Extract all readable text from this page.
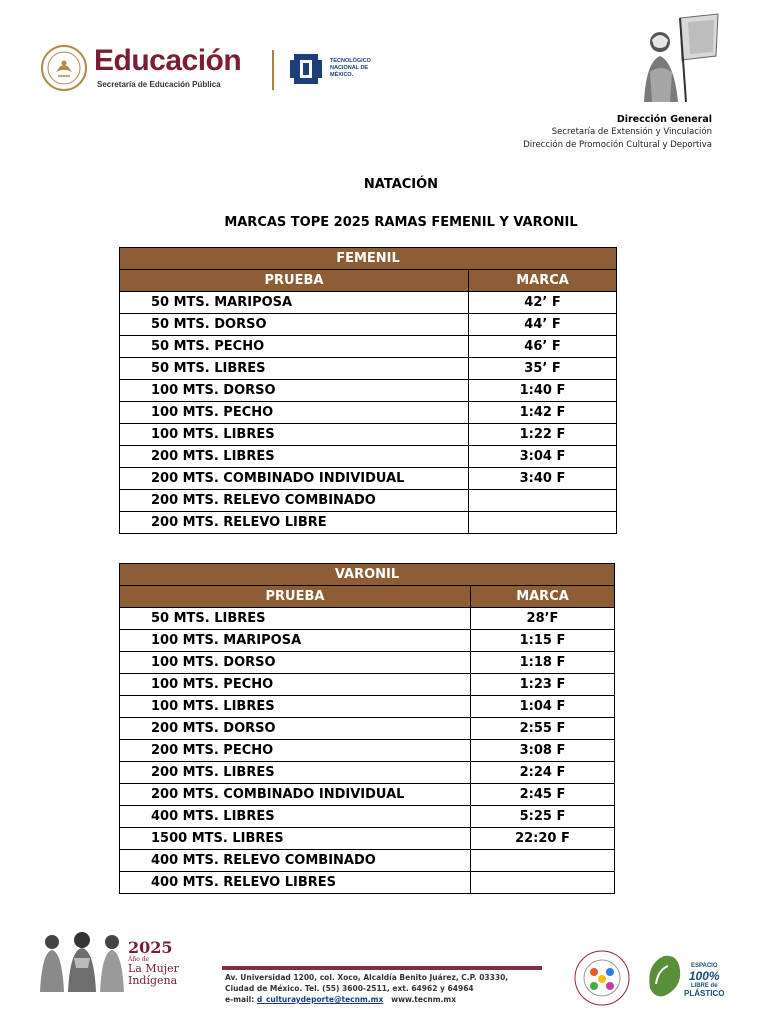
Educación
Secretaría de Educación Pública
TECNOLÓGICO
NACIONAL DE MÉXICO.
Dirección General
Secretaría de Extensión y Vinculación
Dirección de Promoción Cultural y Deportiva
NATACIÓN
MARCAS TOPE 2025 RAMAS FEMENIL Y VARONIL
FEMENIL	
PRUEBA	MARCA
50 MTS. MARIPOSA	42’ F
50 MTS. DORSO	44’ F
50 MTS. PECHO	46’ F
50 MTS. LIBRES	35’ F
100 MTS. DORSO	1:40 F
100 MTS. PECHO	1:42 F
100 MTS. LIBRES	1:22 F
200 MTS. LIBRES	3:04 F
200 MTS. COMBINADO INDIVIDUAL	3:40 F
200 MTS. RELEVO COMBINADO	
200 MTS. RELEVO LIBRE	
VARONIL	
PRUEBA	MARCA
50 MTS. LIBRES	28’F
100 MTS. MARIPOSA	1:15 F
100 MTS. DORSO	1:18 F
100 MTS. PECHO	1:23 F
100 MTS. LIBRES	1:04 F
200 MTS. DORSO	2:55 F
200 MTS. PECHO	3:08 F
200 MTS. LIBRES	2:24 F
200 MTS. COMBINADO INDIVIDUAL	2:45 F
400 MTS. LIBRES	5:25 F
1500 MTS. LIBRES	22:20 F
400 MTS. RELEVO COMBINADO	
400 MTS. RELEVO LIBRES	
2025
Año de
La Mujer
Indígena	Av. Universidad 1200, col. Xoco, Alcaldía Benito Juárez, C.P. 03330,
Ciudad de México. Tel. (55) 3600-2511, ext. 64962 y 64964
e-mail: d_culturaydeporte@tecnm.mx www.tecnm.mx
ESPACIO
100%
LIBRE de
PLÁSTICO
